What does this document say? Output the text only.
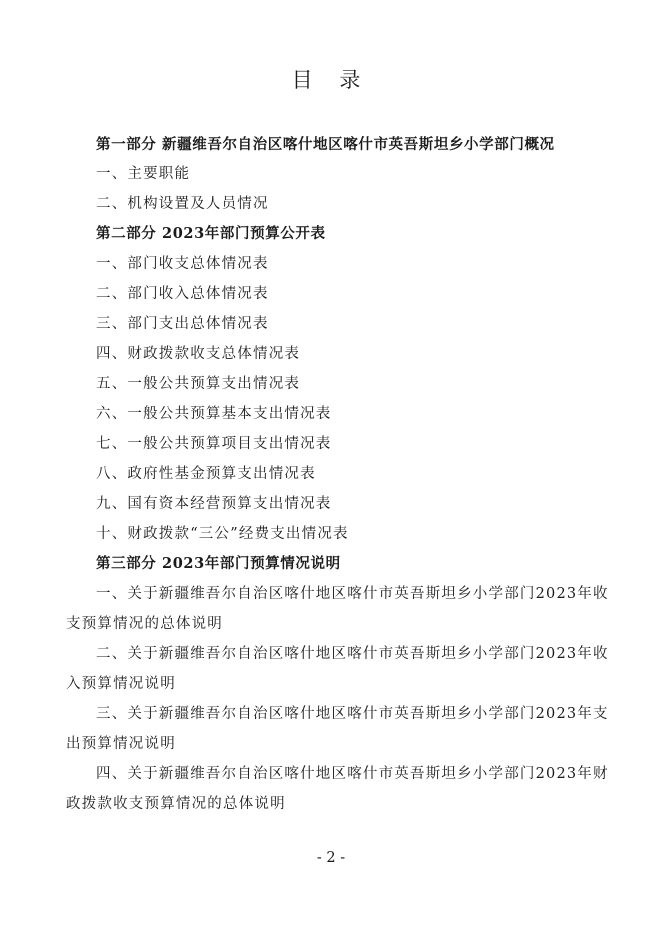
目 录
第一部分 新疆维吾尔自治区喀什地区喀什市英吾斯坦乡小学部门概况
一、主要职能
二、机构设置及人员情况
第二部分 2023年部门预算公开表
一、部门收支总体情况表
二、部门收入总体情况表
三、部门支出总体情况表
四、财政拨款收支总体情况表
五、一般公共预算支出情况表
六、一般公共预算基本支出情况表
七、一般公共预算项目支出情况表
八、政府性基金预算支出情况表
九、国有资本经营预算支出情况表
十、财政拨款“三公”经费支出情况表
第三部分 2023年部门预算情况说明
一、关于新疆维吾尔自治区喀什地区喀什市英吾斯坦乡小学部门2023年收
支预算情况的总体说明
二、关于新疆维吾尔自治区喀什地区喀什市英吾斯坦乡小学部门2023年收
入预算情况说明
三、关于新疆维吾尔自治区喀什地区喀什市英吾斯坦乡小学部门2023年支
出预算情况说明
四、关于新疆维吾尔自治区喀什地区喀什市英吾斯坦乡小学部门2023年财
政拨款收支预算情况的总体说明
- 2 -
